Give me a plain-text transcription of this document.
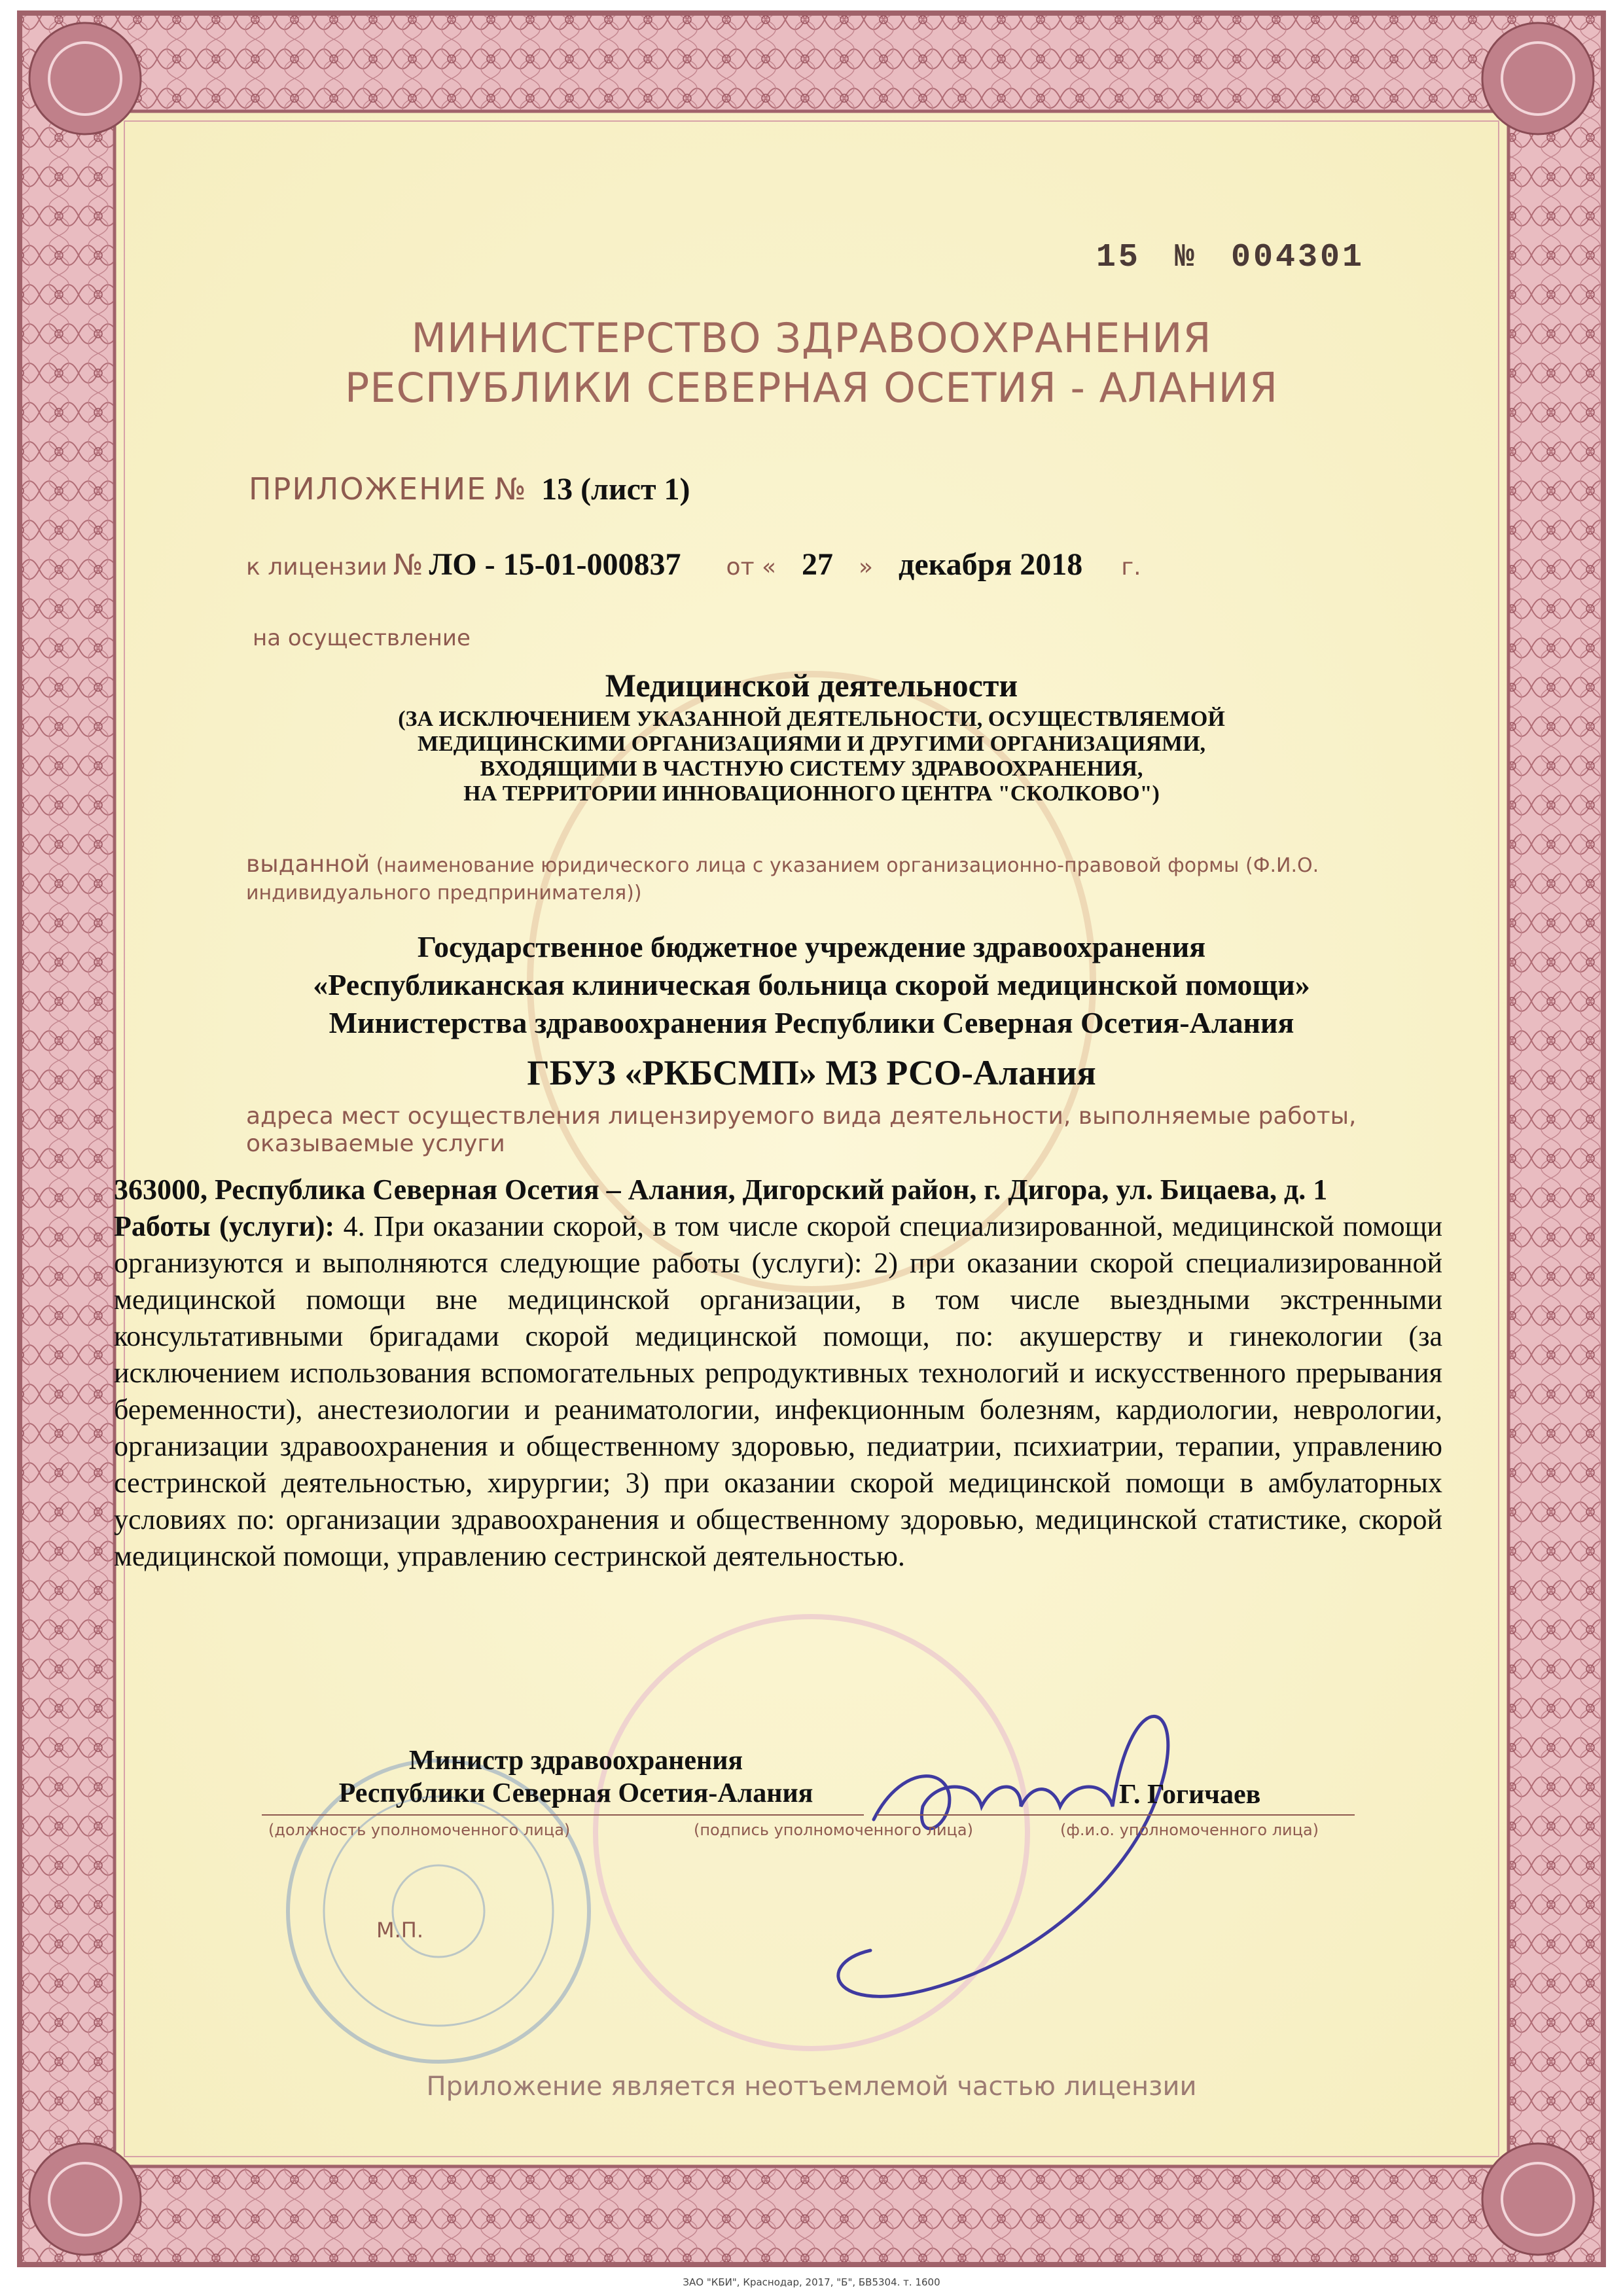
15 № 004301
МИНИСТЕРСТВО ЗДРАВООХРАНЕНИЯ
РЕСПУБЛИКИ СЕВЕРНАЯ ОСЕТИЯ - АЛАНИЯ
ПРИЛОЖЕНИЕ № 13 (лист 1)
к лицензии № ЛО - 15-01-000837 от « 27 » декабря 2018 г.
на осуществление
Медицинской деятельности
(ЗА ИСКЛЮЧЕНИЕМ УКАЗАННОЙ ДЕЯТЕЛЬНОСТИ, ОСУЩЕСТВЛЯЕМОЙ
МЕДИЦИНСКИМИ ОРГАНИЗАЦИЯМИ И ДРУГИМИ ОРГАНИЗАЦИЯМИ,
ВХОДЯЩИМИ В ЧАСТНУЮ СИСТЕМУ ЗДРАВООХРАНЕНИЯ,
НА ТЕРРИТОРИИ ИННОВАЦИОННОГО ЦЕНТРА "СКОЛКОВО")
выданной (наименование юридического лица с указанием организационно-правовой формы (Ф.И.О. индивидуального предпринимателя))
Государственное бюджетное учреждение здравоохранения
«Республиканская клиническая больница скорой медицинской помощи»
Министерства здравоохранения Республики Северная Осетия-Алания
ГБУЗ «РКБСМП» МЗ РСО-Алания
адреса мест осуществления лицензируемого вида деятельности, выполняемые работы, оказываемые услуги

363000, Республика Северная Осетия – Алания, Дигорский район, г. Дигора, ул. Бицаева, д. 1

Работы (услуги): 4. При оказании скорой, в том числе скорой специализированной, медицинской помощи организуются и выполняются следующие работы (услуги): 2) при оказании скорой специализированной медицинской помощи вне медицинской организации, в том числе выездными экстренными консультативными бригадами скорой медицинской помощи, по: акушерству и гинекологии (за исключением использования вспомогательных репродуктивных технологий и искусственного прерывания беременности), анестезиологии и реаниматологии, инфекционным болезням, кардиологии, неврологии, организации здравоохранения и общественному здоровью, педиатрии, психиатрии, терапии, управлению сестринской деятельностью, хирургии; 3) при оказании скорой медицинской помощи в амбулаторных условиях по: организации здравоохранения и общественному здоровью, медицинской статистике, скорой медицинской помощи, управлению сестринской деятельностью.

Министр здравоохранения
Республики Северная Осетия-Алания	Г. Гогичаев
(должность уполномоченного лица)	(подпись уполномоченного лица)	(ф.и.о. уполномоченного лица)
М.П.
Приложение является неотъемлемой частью лицензии
ЗАО "КБИ", Краснодар, 2017, "Б", БВ5304. т. 1600
